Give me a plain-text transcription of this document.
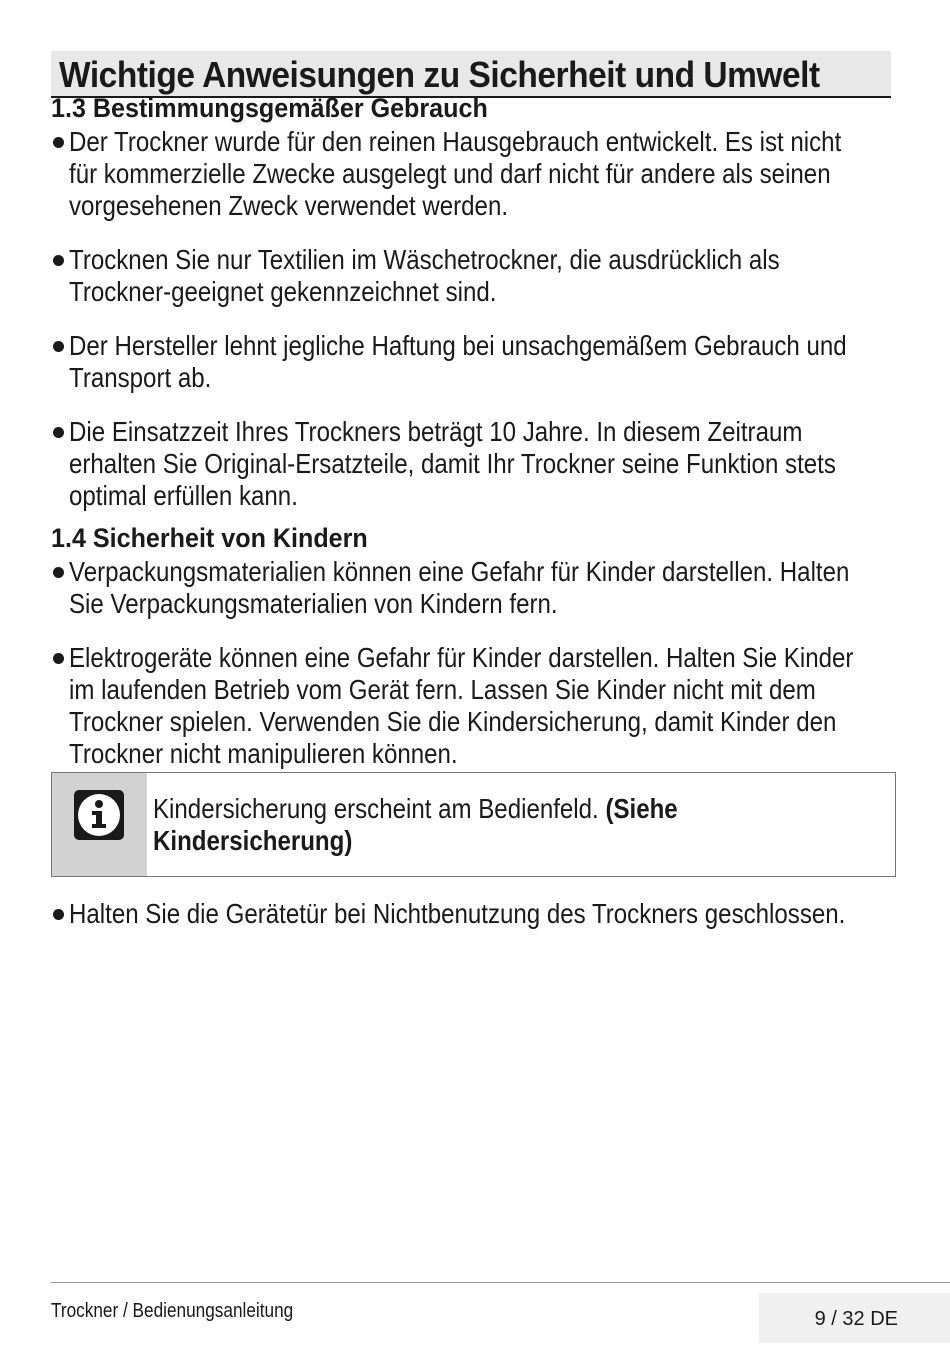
Wichtige Anweisungen zu Sicherheit und Umwelt
1.3 Bestimmungsgemäßer Gebrauch

Der Trockner wurde für den reinen Hausgebrauch entwickelt. Es ist nicht
für kommerzielle Zwecke ausgelegt und darf nicht für andere als seinen
vorgesehenen Zweck verwendet werden.

Trocknen Sie nur Textilien im Wäschetrockner, die ausdrücklich als
Trockner-geeignet gekennzeichnet sind.

Der Hersteller lehnt jegliche Haftung bei unsachgemäßem Gebrauch und
Transport ab.

Die Einsatzzeit Ihres Trockners beträgt 10 Jahre. In diesem Zeitraum
erhalten Sie Original-Ersatzteile, damit Ihr Trockner seine Funktion stets
optimal erfüllen kann.

1.4 Sicherheit von Kindern

Verpackungsmaterialien können eine Gefahr für Kinder darstellen. Halten
Sie Verpackungsmaterialien von Kindern fern.

Elektrogeräte können eine Gefahr für Kinder darstellen. Halten Sie Kinder
im laufenden Betrieb vom Gerät fern. Lassen Sie Kinder nicht mit dem
Trockner spielen. Verwenden Sie die Kindersicherung, damit Kinder den
Trockner nicht manipulieren können.

Kindersicherung erscheint am Bedienfeld. (Siehe Kindersicherung)

Halten Sie die Gerätetür bei Nichtbenutzung des Trockners geschlossen.

Trockner / Bedienungsanleitung	9 / 32 DE
